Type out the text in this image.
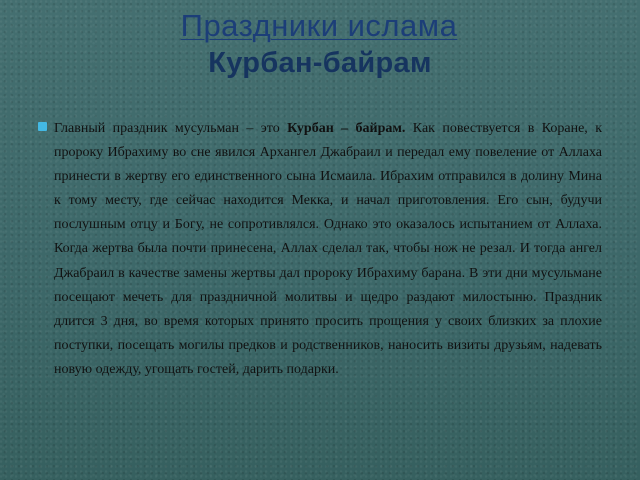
Праздники ислама
Курбан-байрам

Главный праздник мусульман – это Курбан – байрам. Как повествуется в Коране, к пророку Ибрахиму во сне явился Архангел Джабраил и передал ему повеление от Аллаха принести в жертву его единственного сына Исмаила. Ибрахим отправился в долину Мина к тому месту, где сейчас находится Мекка, и начал приготовления. Его сын, будучи послушным отцу и Богу, не сопротивлялся. Однако это оказалось испытанием от Аллаха. Когда жертва была почти принесена, Аллах сделал так, чтобы нож не резал. И тогда ангел Джабраил в качестве замены жертвы дал пророку Ибрахиму барана. В эти дни мусульмане посещают мечеть для праздничной молитвы и щедро раздают милостыню. Праздник длится 3 дня, во время которых принято просить прощения у своих близких за плохие поступки, посещать могилы предков и родственников, наносить визиты друзьям, надевать новую одежду, угощать гостей, дарить подарки.
